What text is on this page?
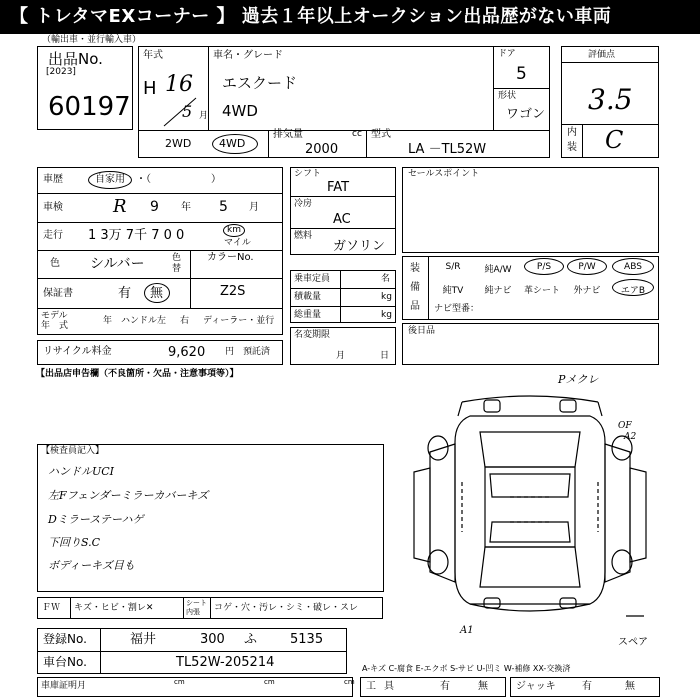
【 トレタマEXコーナー 】 過去１年以上オークション出品歴がない車両
（輸出車・並行輸入車）
出品No.
[2023]
60197
年式
H 16
5 月
車名・グレード
エスクード
4WD
ドア
5
形状
ワゴン
2WD	4WD
排気量	cc
2000
型式
LA －TL52W
評価点
3.5
内
装 C
車歴	自家用 ・（　　　　　　）
車検	R 9 年 5 月
走行 1 3万 7千 7 0 0	km
マイル
色 シルバー	色替
カラーNo.
Z2S
保証書	有 無
モデル
年　式	年 ハンドル 左 右 ディーラー・並行
リサイクル料金	9,620 円 預託済
シフト
FAT
冷房
AC
燃料
ガソリン
乗車定員	名
積載量	kg
総重量	kg
名変期限
月	日
セールスポイント
装
備
品
S/R	純A/W	P/S	P/W	ABS
純TV	純ナビ	革シート	外ナビ	エアB
ナビ型番：
後日品
【出品店申告欄（不良箇所・欠品・注意事項等）】
【検査員記入】
ハンドルUCI
左Fフェンダーミラーカバーキズ
Dミラーステーハゲ
下回りS.C
ボディーキズ目も
Pメクレ
OF
A2
A1
スペア
ＦＷ キズ・ヒビ・割レ✕	シート内張	コゲ・穴・汚レ・シミ・破レ・スレ
登録No.	福井	300 ふ	5135
車台No.	TL52W-205214
車庫証明月	cm	cm	cm
A-キズ C-腐食 E-エクボ S-サビ U-凹ミ W-補修 XX-交換済
工具	有	無	ジャッキ	有	無
